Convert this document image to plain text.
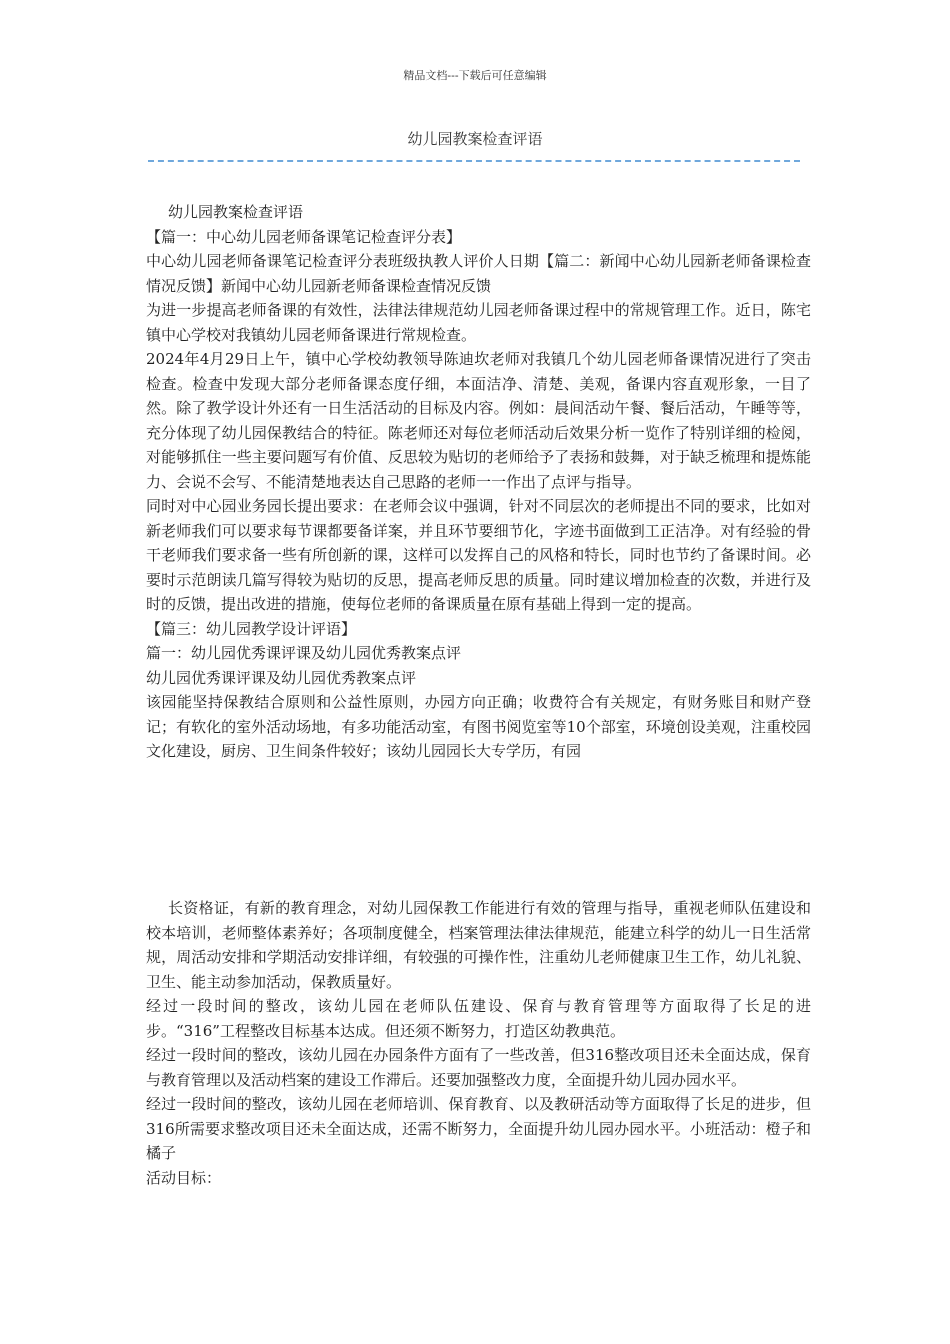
精品文档---下载后可任意编辑
幼儿园教案检查评语

幼儿园教案检查评语

【篇一：中心幼儿园老师备课笔记检查评分表】

中心幼儿园老师备课笔记检查评分表班级执教人评价人日期【篇二：新闻中心幼儿园新老师备课检查情况反馈】新闻中心幼儿园新老师备课检查情况反馈

为进一步提高老师备课的有效性，法律法律规范幼儿园老师备课过程中的常规管理工作。近日，陈宅镇中心学校对我镇幼儿园老师备课进行常规检查。

2024年4月29日上午，镇中心学校幼教领导陈迪坎老师对我镇几个幼儿园老师备课情况进行了突击检查。检查中发现大部分老师备课态度仔细，本面洁净、清楚、美观，备课内容直观形象，一目了然。除了教学设计外还有一日生活活动的目标及内容。例如：晨间活动午餐、餐后活动，午睡等等，充分体现了幼儿园保教结合的特征。陈老师还对每位老师活动后效果分析一览作了特别详细的检阅，对能够抓住一些主要问题写有价值、反思较为贴切的老师给予了表扬和鼓舞，对于缺乏梳理和提炼能力、会说不会写、不能清楚地表达自己思路的老师一一作出了点评与指导。

同时对中心园业务园长提出要求：在老师会议中强调，针对不同层次的老师提出不同的要求，比如对新老师我们可以要求每节课都要备详案，并且环节要细节化，字迹书面做到工正洁净。对有经验的骨干老师我们要求备一些有所创新的课，这样可以发挥自己的风格和特长，同时也节约了备课时间。必要时示范朗读几篇写得较为贴切的反思，提高老师反思的质量。同时建议增加检查的次数，并进行及时的反馈，提出改进的措施，使每位老师的备课质量在原有基础上得到一定的提高。

【篇三：幼儿园教学设计评语】

篇一：幼儿园优秀课评课及幼儿园优秀教案点评

幼儿园优秀课评课及幼儿园优秀教案点评

该园能坚持保教结合原则和公益性原则，办园方向正确；收费符合有关规定，有财务账目和财产登记；有软化的室外活动场地，有多功能活动室，有图书阅览室等10个部室，环境创设美观，注重校园文化建设，厨房、卫生间条件较好；该幼儿园园长大专学历，有园

长资格证，有新的教育理念，对幼儿园保教工作能进行有效的管理与指导，重视老师队伍建设和校本培训，老师整体素养好；各项制度健全，档案管理法律法律规范，能建立科学的幼儿一日生活常规，周活动安排和学期活动安排详细，有较强的可操作性，注重幼儿老师健康卫生工作，幼儿礼貌、卫生、能主动参加活动，保教质量好。

经过一段时间的整改，该幼儿园在老师队伍建设、保育与教育管理等方面取得了长足的进步。“316”工程整改目标基本达成。但还须不断努力，打造区幼教典范。

经过一段时间的整改，该幼儿园在办园条件方面有了一些改善，但316整改项目还未全面达成，保育与教育管理以及活动档案的建设工作滞后。还要加强整改力度，全面提升幼儿园办园水平。

经过一段时间的整改，该幼儿园在老师培训、保育教育、以及教研活动等方面取得了长足的进步，但316所需要求整改项目还未全面达成，还需不断努力，全面提升幼儿园办园水平。小班活动：橙子和橘子

活动目标：
